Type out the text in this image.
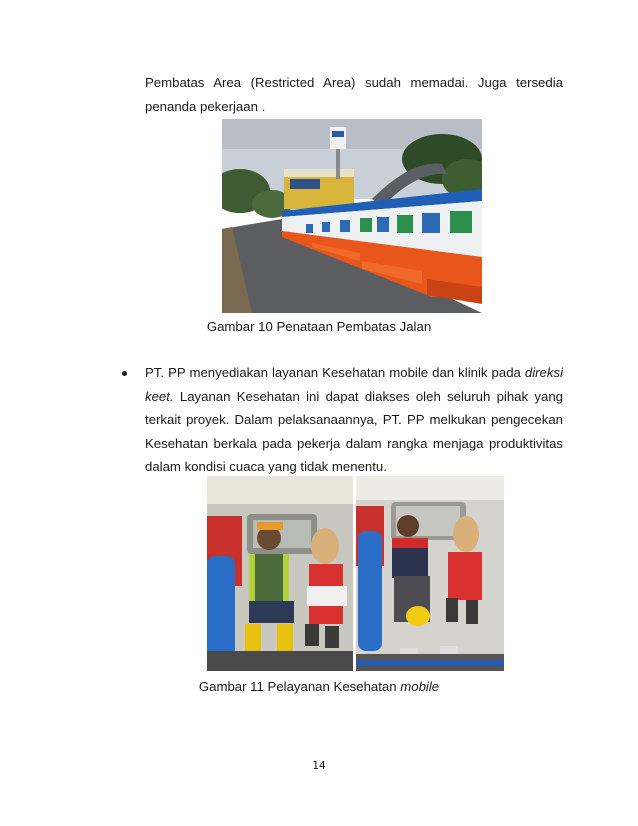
Pembatas Area (Restricted Area) sudah memadai. Juga tersedia penanda pekerjaan .

Gambar 10 Penataan Pembatas Jalan

PT. PP menyediakan layanan Kesehatan mobile dan klinik pada direksi keet. Layanan Kesehatan ini dapat diakses oleh seluruh pihak yang terkait proyek. Dalam pelaksanaannya, PT. PP melkukan pengecekan Kesehatan berkala pada pekerja dalam rangka menjaga produktivitas dalam kondisi cuaca yang tidak menentu.

Gambar 11 Pelayanan Kesehatan mobile
14
